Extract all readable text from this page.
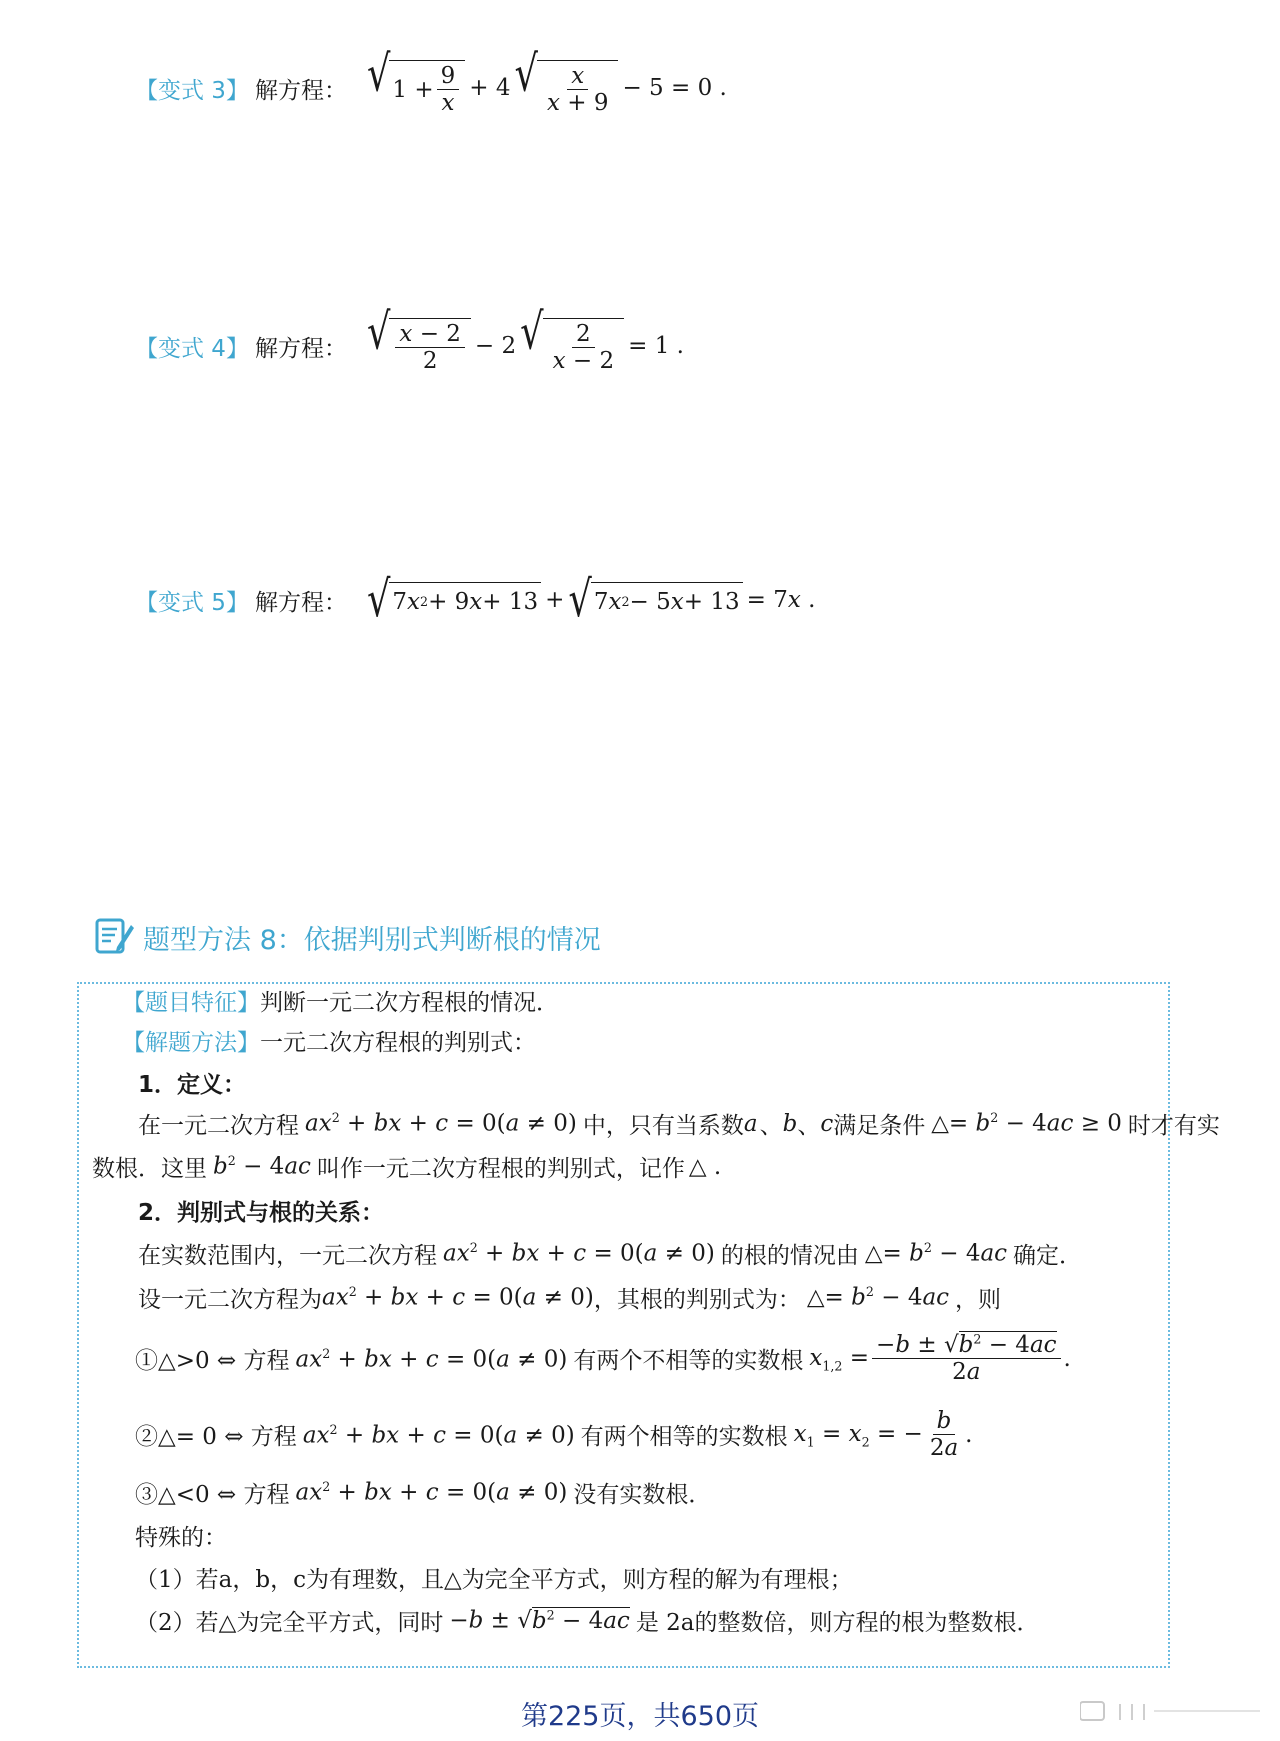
【变式 3】 解方程： √ $1 + \frac{9}{x} + 4$ √ $\frac{x}{x + 9} - 5 = 0$ .
【变式 4】 解方程： √ $\frac{x - 2}{2} - 2$ √ $\frac{2}{x - 2} = 1$ .
【变式 5】 解方程： √ 7 x 2 + 9 x + 13 + √ 7 x 2 − 5 x + 13 = 7x .
题型方法 8：依据判别式判断根的情况
【题目特征】 判断一元二次方程根的情况．
【解题方法】 一元二次方程根的判别式：
1．定义：
在一元二次方程 $ax^2$ + bx + c = 0(a ≠ 0) 中，只有当系数 a 、 b 、 c 满足条件 △= $b^2 - 4ac \ge 0$ 时才有实
数根．这里 $b^2 - 4ac$ 叫作一元二次方程根的判别式，记作 △ .
2．判别式与根的关系：
在实数范围内，一元二次方程 $ax^2$ + bx + c = 0(a ≠ 0) 的根的情况由 △= $b^2 - 4ac$ 确定．
设一元二次方程为 $ax^2$ + bx + c = 0(a ≠ 0) ，其根的判别式为： △= $b^2 - 4ac$ ，则
①△>0 ⇔ 方程 $ax^2$ + bx + c = 0(a ≠ 0) 有两个不相等的实数根 $x_{1,2} = \frac{-b \pm √b^2 - 4ac}{2a}$ .
②△= 0 ⇔ 方程 $ax^2$ + bx + c = 0(a ≠ 0) 有两个相等的实数根 $x_1 = x_2$ = − $\frac{b}{2a}$ .
③△<0 ⇔ 方程 $ax^2$ + bx + c = 0(a ≠ 0) 没有实数根．
特殊的：
（1）若a，b，c为有理数，且△为完全平方式，则方程的解为有理根；
（2）若△为完全平方式，同时 $-b \pm √b^2 - 4ac$ 是 2a的整数倍，则方程的根为整数根．
第225页，共650页
